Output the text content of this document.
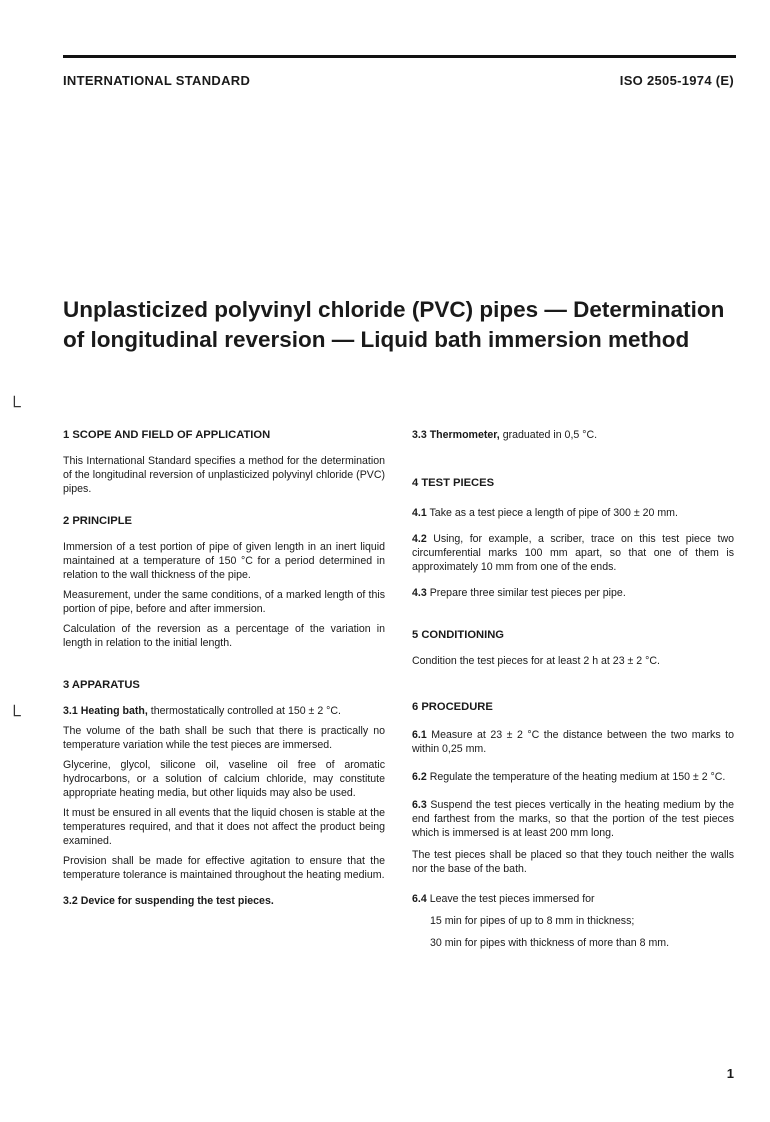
INTERNATIONAL STANDARD	ISO 2505-1974 (E)
Unplasticized polyvinyl chloride (PVC) pipes — Determination
of longitudinal reversion — Liquid bath immersion method
└
└

1 SCOPE AND FIELD OF APPLICATION

This International Standard specifies a method for the determination of the longitudinal reversion of unplasticized polyvinyl chloride (PVC) pipes.

2 PRINCIPLE

Immersion of a test portion of pipe of given length in an inert liquid maintained at a temperature of 150 °C for a period determined in relation to the wall thickness of the pipe.

Measurement, under the same conditions, of a marked length of this portion of pipe, before and after immersion.

Calculation of the reversion as a percentage of the variation in length in relation to the initial length.

3 APPARATUS

3.1 Heating bath, thermostatically controlled at 150 ± 2 °C.

The volume of the bath shall be such that there is practically no temperature variation while the test pieces are immersed.

Glycerine, glycol, silicone oil, vaseline oil free of aromatic hydrocarbons, or a solution of calcium chloride, may constitute appropriate heating media, but other liquids may also be used.

It must be ensured in all events that the liquid chosen is stable at the temperatures required, and that it does not affect the product being examined.

Provision shall be made for effective agitation to ensure that the temperature tolerance is maintained throughout the heating medium.

3.2 Device for suspending the test pieces.

3.3 Thermometer, graduated in 0,5 °C.

4 TEST PIECES

4.1 Take as a test piece a length of pipe of 300 ± 20 mm.

4.2 Using, for example, a scriber, trace on this test piece two circumferential marks 100 mm apart, so that one of them is approximately 10 mm from one of the ends.

4.3 Prepare three similar test pieces per pipe.

5 CONDITIONING

Condition the test pieces for at least 2 h at 23 ± 2 °C.

6 PROCEDURE

6.1 Measure at 23 ± 2 °C the distance between the two marks to within 0,25 mm.

6.2 Regulate the temperature of the heating medium at 150 ± 2 °C.

6.3 Suspend the test pieces vertically in the heating medium by the end farthest from the marks, so that the portion of the test pieces which is immersed is at least 200 mm long.

The test pieces shall be placed so that they touch neither the walls nor the base of the bath.

6.4 Leave the test pieces immersed for

15 min for pipes of up to 8 mm in thickness;

30 min for pipes with thickness of more than 8 mm.

1
